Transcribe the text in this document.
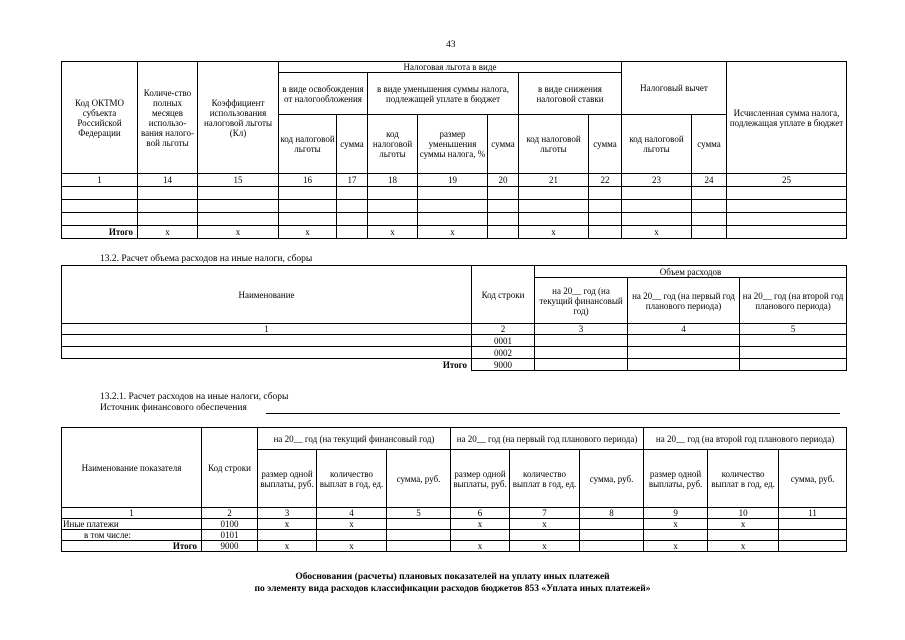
43
Код ОКТМО субъекта Российской Федерации	Количе-ство полных месяцев использо-вания налого-вой льготы	Коэффициент использования налоговой льготы (Кл)	Налоговая льгота в виде							Налоговый вычет		Исчисленная сумма налога, подлежащая уплате в бюджет
			в виде освобождения от налогообложения		в виде уменьшения суммы налога, подлежащей уплате в бюджет			в виде снижения налоговой ставки				
			код налоговой льготы	сумма	код налоговой льготы	размер уменьшения суммы налога, %	сумма	код налоговой льготы	сумма	код налоговой льготы	сумма	
1	14	15	16	17	18	19	20	21	22	23	24	25

Итого	x	x	x		x	x		x		x		
13.2. Расчет объема расходов на иные налоги, сборы
Наименование	Код строки	Объем расходов		
		на 20__ год (на текущий финансовый год)	на 20__ год (на первый год планового периода)	на 20__ год (на второй год планового периода)
1	2	3	4	5
	0001			
	0002			
Итого	9000			
13.2.1. Расчет расходов на иные налоги, сборы
Источник финансового обеспечения
Наименование показателя	Код строки	на 20__ год (на текущий финансовый год)			на 20__ год (на первый год планового периода)			на 20__ год (на второй год планового периода)		
		размер одной выплаты, руб.	количество выплат в год, ед.	сумма, руб.	размер одной выплаты, руб.	количество выплат в год, ед.	сумма, руб.	размер одной выплаты, руб.	количество выплат в год, ед.	сумма, руб.
1	2	3	4	5	6	7	8	9	10	11
Иные платежи	0100	x	x		x	x		x	x	
в том числе:	0101									
Итого	9000	x	x		x	x		x	x	
Обоснования (расчеты) плановых показателей на уплату иных платежей
по элементу вида расходов классификации расходов бюджетов 853 «Уплата иных платежей»
